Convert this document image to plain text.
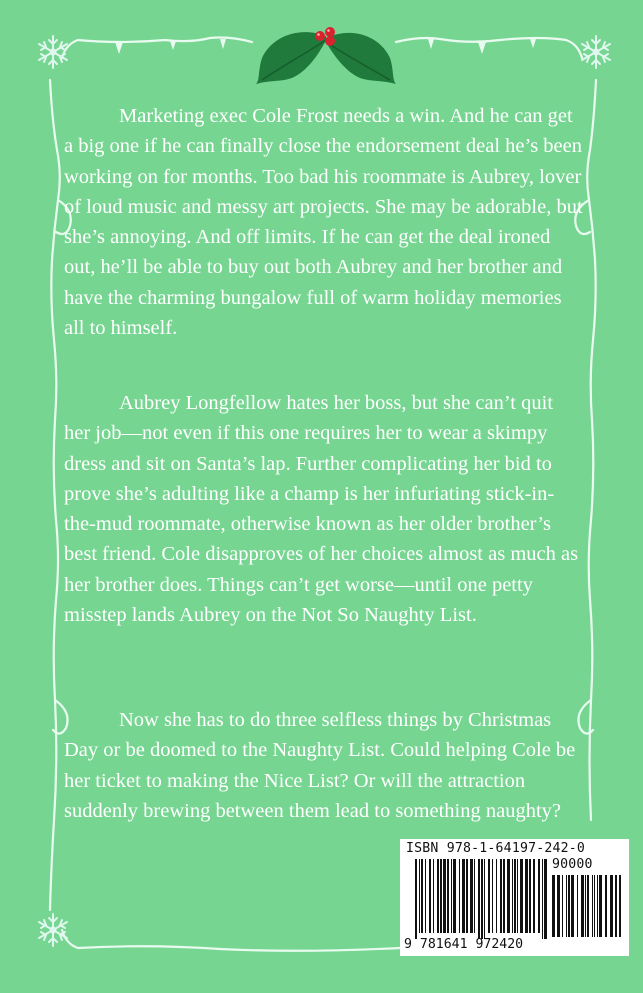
Marketing exec Cole Frost needs a win. And he can get a big one if he can finally close the endorsement deal he’s been working on for months. Too bad his roommate is Aubrey, lover of loud music and messy art projects. She may be adorable, but she’s annoying. And off limits. If he can get the deal ironed out, he’ll be able to buy out both Aubrey and her brother and have the charming bungalow full of warm holiday memories all to himself.

Aubrey Longfellow hates her boss, but she can’t quit her job—not even if this one requires her to wear a skimpy dress and sit on Santa’s lap. Further complicating her bid to prove she’s adulting like a champ is her infuriating stick-in-the-mud roommate, otherwise known as her older brother’s best friend. Cole disapproves of her choices almost as much as her brother does. Things can’t get worse—until one petty misstep lands Aubrey on the Not So Naughty List.

Now she has to do three selfless things by Christmas Day or be doomed to the Naughty List. Could helping Cole be her ticket to making the Nice List? Or will the attraction suddenly brewing between them lead to something naughty?

ISBN 978-1-64197-242-0
90000
9 781641 972420
